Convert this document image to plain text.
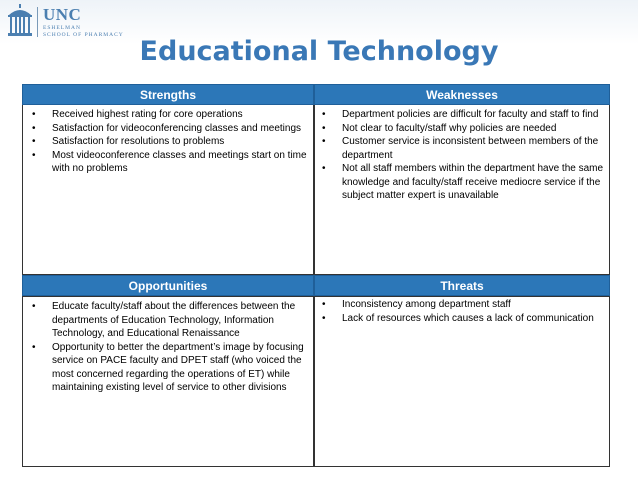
UNC
ESHELMAN
SCHOOL OF PHARMACY
Educational Technology
Strengths
• Received highest rating for core operations
• Satisfaction for videoconferencing classes and meetings
• Satisfaction for resolutions to problems
• Most videoconference classes and meetings start on time with no problems
Weaknesses
• Department policies are difficult for faculty and staff to find
• Not clear to faculty/staff why policies are needed
• Customer service is inconsistent between members of the department
• Not all staff members within the department have the same knowledge and faculty/staff receive mediocre service if the subject matter expert is unavailable
Opportunities
• Educate faculty/staff about the differences between the departments of Education Technology, Information Technology, and Educational Renaissance
• Opportunity to better the department’s image by focusing service on PACE faculty and DPET staff (who voiced the most concerned regarding the operations of ET) while maintaining existing level of service to other divisions
Threats
• Inconsistency among department staff
• Lack of resources which causes a lack of communication
